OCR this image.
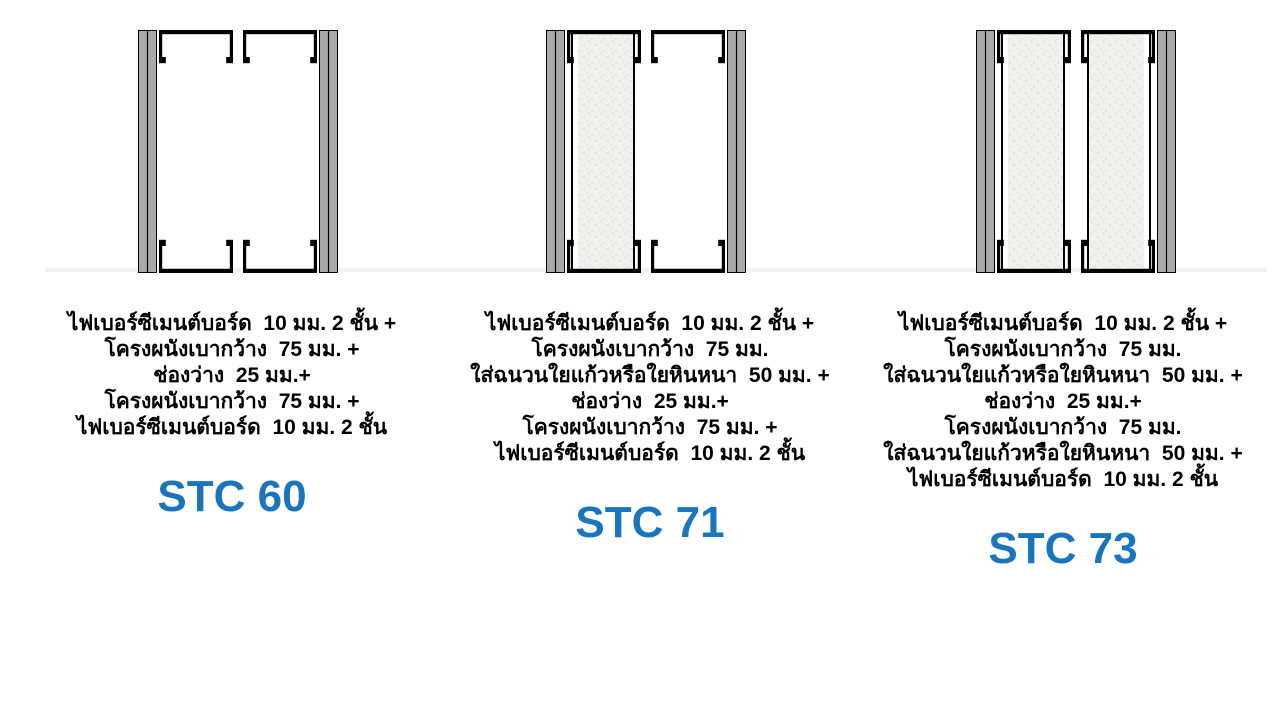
ไฟเบอร์ซีเมนต์บอร์ด  10 มม. 2 ชั้น +
โครงผนังเบากว้าง  75 มม. +
ช่องว่าง  25 มม.+
โครงผนังเบากว้าง  75 มม. +
ไฟเบอร์ซีเมนต์บอร์ด  10 มม. 2 ชั้น
STC 60
ไฟเบอร์ซีเมนต์บอร์ด  10 มม. 2 ชั้น +
โครงผนังเบากว้าง  75 มม.
ใส่ฉนวนใยแก้วหรือใยหินหนา  50 มม. +
ช่องว่าง  25 มม.+
โครงผนังเบากว้าง  75 มม. +
ไฟเบอร์ซีเมนต์บอร์ด  10 มม. 2 ชั้น
STC 71
ไฟเบอร์ซีเมนต์บอร์ด  10 มม. 2 ชั้น +
โครงผนังเบากว้าง  75 มม.
ใส่ฉนวนใยแก้วหรือใยหินหนา  50 มม. +
ช่องว่าง  25 มม.+
โครงผนังเบากว้าง  75 มม.
ใส่ฉนวนใยแก้วหรือใยหินหนา  50 มม. +
ไฟเบอร์ซีเมนต์บอร์ด  10 มม. 2 ชั้น
STC 73
